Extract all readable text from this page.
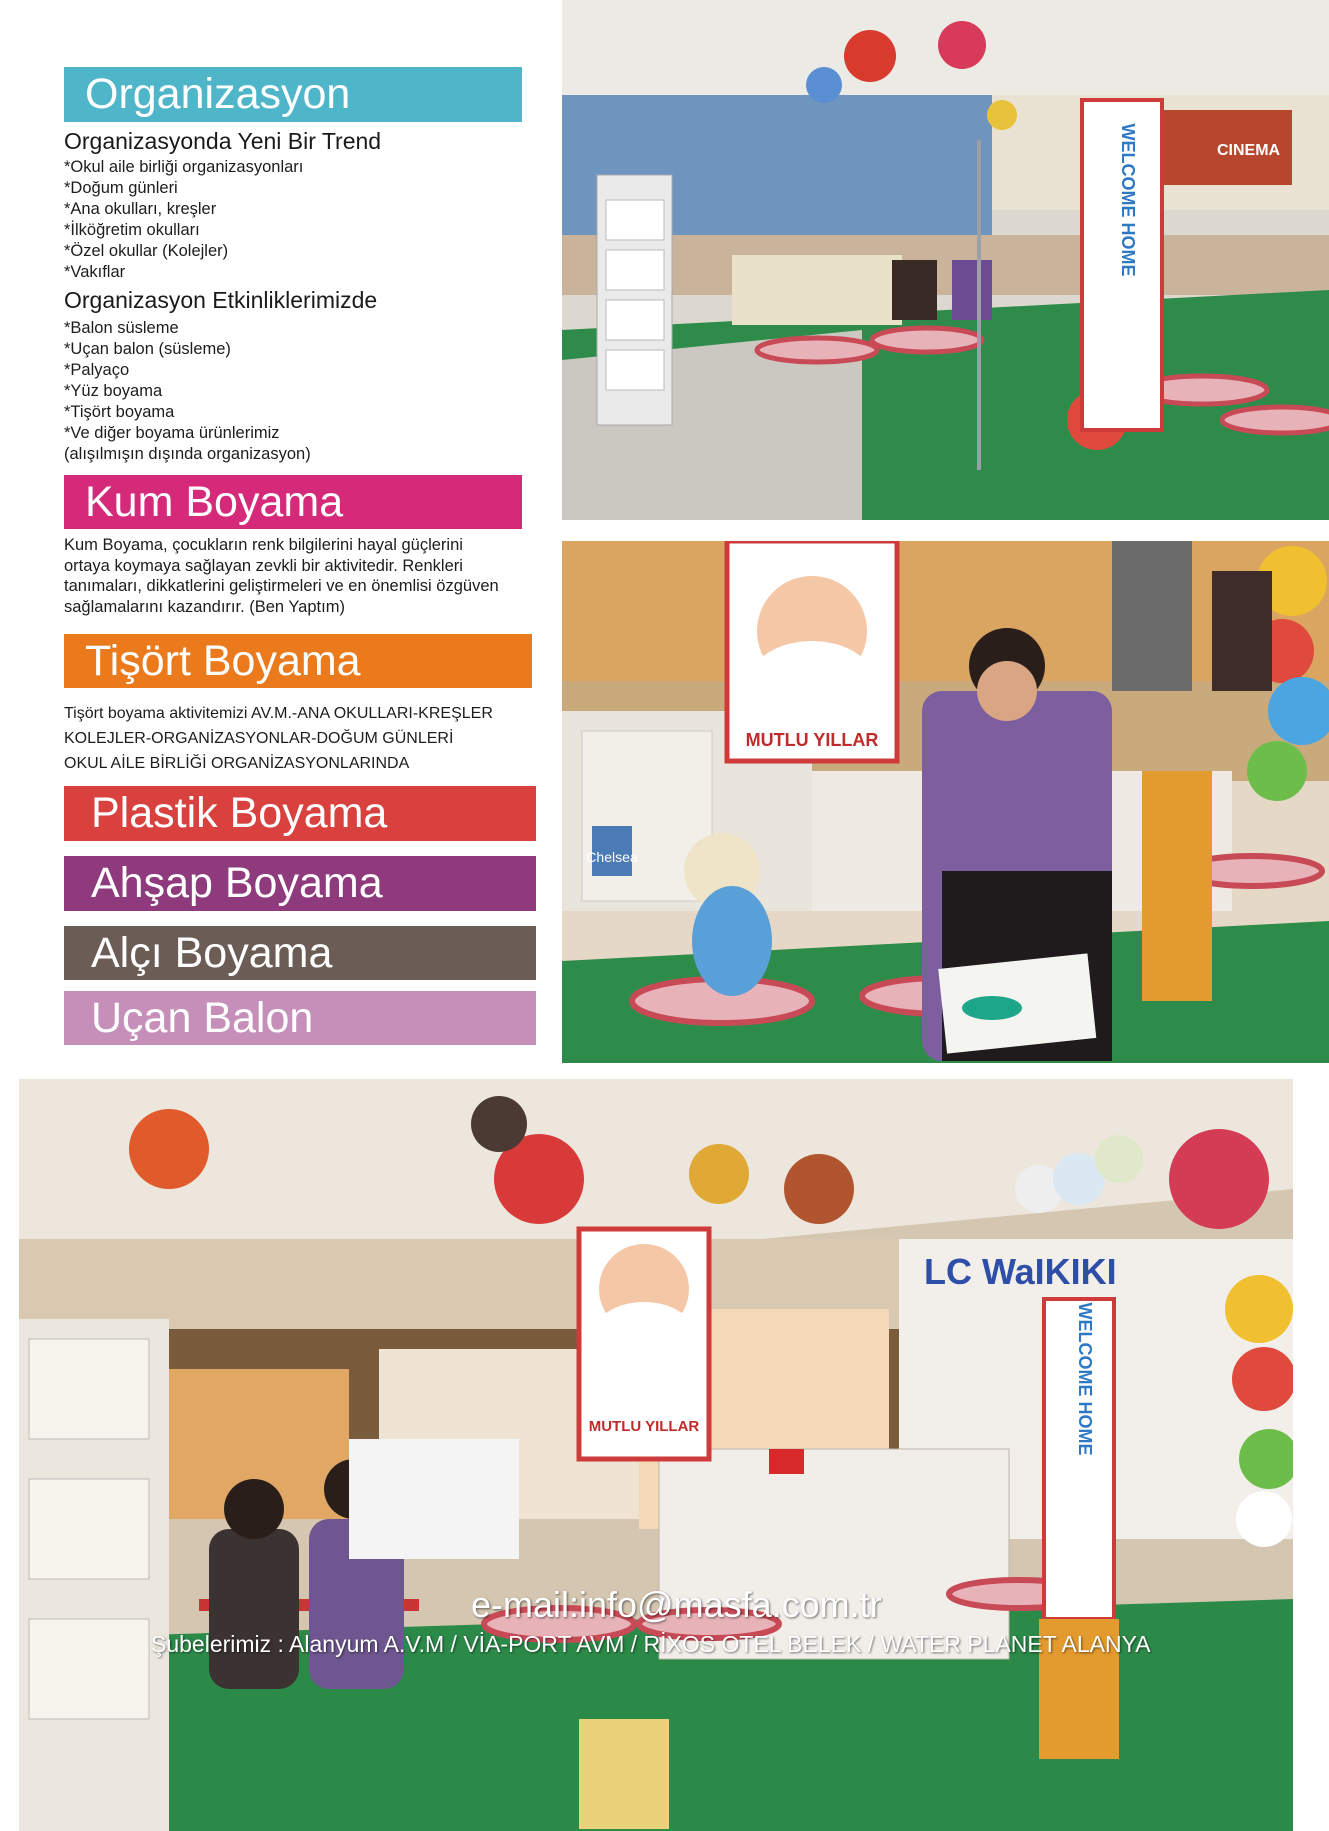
Organizasyon
Organizasyonda Yeni Bir Trend
*Okul aile birliği organizasyonları
*Doğum günleri
*Ana okulları, kreşler
*İlköğretim okulları
*Özel okullar (Kolejler)
*Vakıflar
Organizasyon Etkinliklerimizde
*Balon süsleme
*Uçan balon (süsleme)
*Palyaço
*Yüz boyama
*Tişört boyama
*Ve diğer boyama ürünlerimiz
(alışılmışın dışında organizasyon)
Kum Boyama
Kum Boyama, çocukların renk bilgilerini hayal güçlerini
ortaya koymaya sağlayan zevkli bir aktivitedir. Renkleri
tanımaları, dikkatlerini geliştirmeleri ve en önemlisi özgüven
sağlamalarını kazandırır. (Ben Yaptım)
Tişört Boyama
Tişört boyama aktivitemizi AV.M.-ANA OKULLARI-KREŞLER
KOLEJLER-ORGANİZASYONLAR-DOĞUM GÜNLERİ
OKUL AİLE BİRLİĞİ ORGANİZASYONLARINDA
Plastik Boyama
Ahşap Boyama
Alçı Boyama
Uçan Balon
WELCOME HOME	CINEMA
Chelsea
MUTLU YILLAR
LC WaIKIKI
MUTLU YILLAR	WELCOME HOME
e-mail:info@masfa.com.tr
Şubelerimiz : Alanyum A.V.M / VİA-PORT AVM / RİXOS OTEL BELEK / WATER PLANET ALANYA
